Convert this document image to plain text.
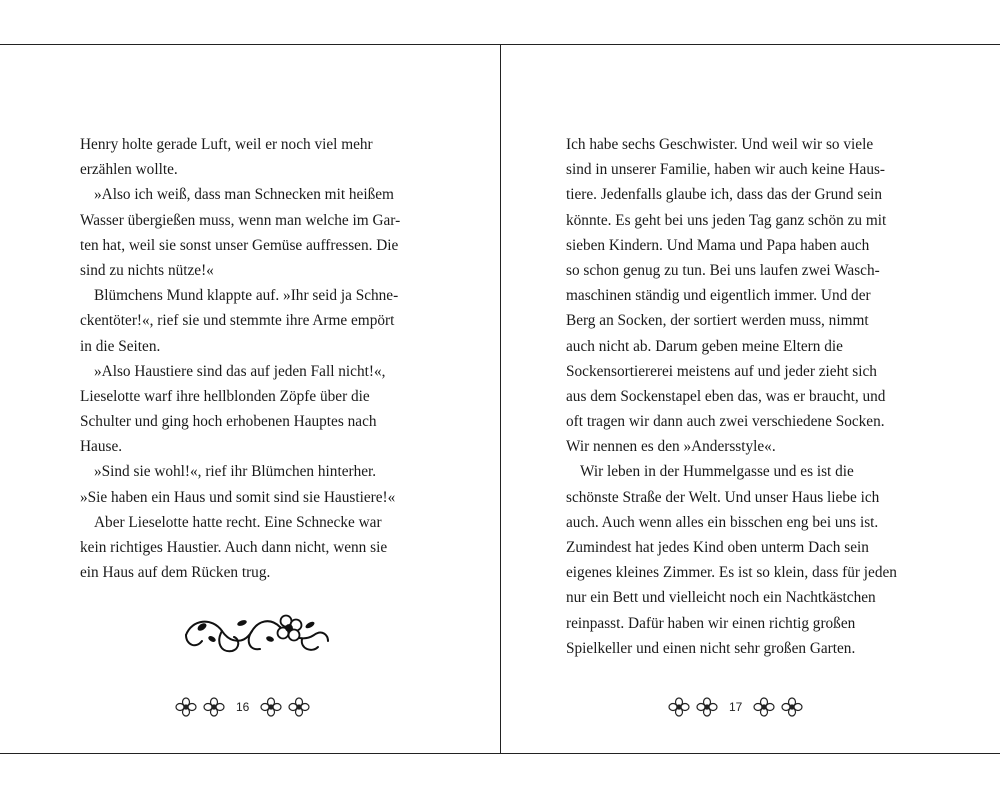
Henry holte gerade Luft, weil er noch viel mehr
erzählen wollte.
»Also ich weiß, dass man Schnecken mit heißem
Wasser übergießen muss, wenn man welche im Gar-
ten hat, weil sie sonst unser Gemüse auffressen. Die
sind zu nichts nütze!«
Blümchens Mund klappte auf. »Ihr seid ja Schne-
ckentöter!«, rief sie und stemmte ihre Arme empört
in die Seiten.
»Also Haustiere sind das auf jeden Fall nicht!«,
Lieselotte warf ihre hellblonden Zöpfe über die
Schulter und ging hoch erhobenen Hauptes nach
Hause.
»Sind sie wohl!«, rief ihr Blümchen hinterher.
»Sie haben ein Haus und somit sind sie Haustiere!«
Aber Lieselotte hatte recht. Eine Schnecke war
kein richtiges Haustier. Auch dann nicht, wenn sie
ein Haus auf dem Rücken trug.
16
Ich habe sechs Geschwister. Und weil wir so viele
sind in unserer Familie, haben wir auch keine Haus-
tiere. Jedenfalls glaube ich, dass das der Grund sein
könnte. Es geht bei uns jeden Tag ganz schön zu mit
sieben Kindern. Und Mama und Papa haben auch
so schon genug zu tun. Bei uns laufen zwei Wasch-
maschinen ständig und eigentlich immer. Und der
Berg an Socken, der sortiert werden muss, nimmt
auch nicht ab. Darum geben meine Eltern die
Sockensortiererei meistens auf und jeder zieht sich
aus dem Sockenstapel eben das, was er braucht, und
oft tragen wir dann auch zwei verschiedene Socken.
Wir nennen es den »Andersstyle«.
Wir leben in der Hummelgasse und es ist die
schönste Straße der Welt. Und unser Haus liebe ich
auch. Auch wenn alles ein bisschen eng bei uns ist.
Zumindest hat jedes Kind oben unterm Dach sein
eigenes kleines Zimmer. Es ist so klein, dass für jeden
nur ein Bett und vielleicht noch ein Nachtkästchen
reinpasst. Dafür haben wir einen richtig großen
Spielkeller und einen nicht sehr großen Garten.
17
